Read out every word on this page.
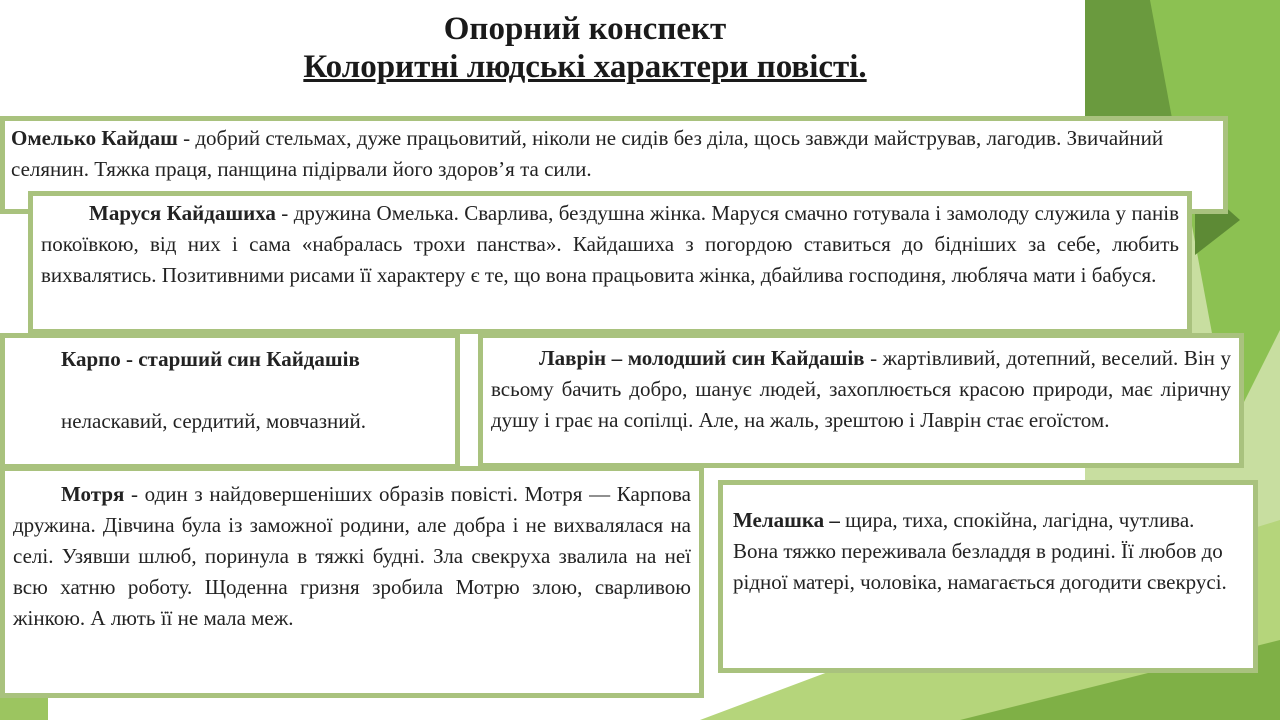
Опорний конспект
Колоритні людські характери повісті.
Омелько Кайдаш - добрий стельмах, дуже працьовитий, ніколи не сидів без діла, щось завжди майстрував, лагодив. Звичайний селянин. Тяжка праця, панщина підірвали його здоров’я та сили.
Маруся Кайдашиха - дружина Омелька. Сварлива, бездушна жінка. Маруся смачно готувала і замолоду служила у панів покоївкою, від них і сама «набралась трохи панства». Кайдашиха з погордою ставиться до бідніших за себе, любить вихвалятись. Позитивними рисами її характеру є те, що вона працьовита жінка, дбайлива господиня, любляча мати і бабуся.
Карпо - старший син Кайдашів
неласкавий, сердитий, мовчазний.
Лаврін – молодший син Кайдашів - жартівливий, дотепний, веселий. Він у всьому бачить добро, шанує людей, захоплюється красою природи, має ліричну душу і грає на сопілці. Але, на жаль, зрештою і Лаврін стає егоїстом.
Мотря - один з найдовершеніших образів повісті. Мотря — Карпова дружина. Дівчина була із заможної родини, але добра і не вихвалялася на селі. Узявши шлюб, поринула в тяжкі будні. Зла свекруха звалила на неї всю хатню роботу. Щоденна гризня зробила Мотрю злою, сварливою жінкою. А лють її не мала меж.
Мелашка – щира, тиха, спокійна, лагідна, чутлива. Вона тяжко переживала безладдя в родині. Її любов до рідної матері, чоловіка, намагається догодити свекрусі.
